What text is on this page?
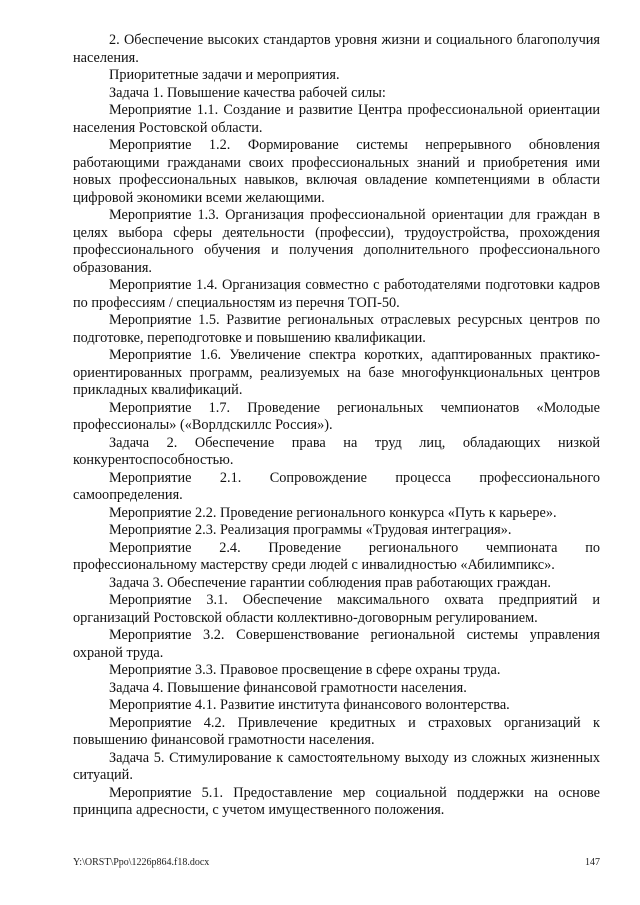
2. Обеспечение высоких стандартов уровня жизни и социального благополучия населения.

Приоритетные задачи и мероприятия.

Задача 1. Повышение качества рабочей силы:

Мероприятие 1.1. Создание и развитие Центра профессиональной ориентации населения Ростовской области.

Мероприятие 1.2. Формирование системы непрерывного обновления работающими гражданами своих профессиональных знаний и приобретения ими новых профессиональных навыков, включая овладение компетенциями в области цифровой экономики всеми желающими.

Мероприятие 1.3. Организация профессиональной ориентации для граждан в целях выбора сферы деятельности (профессии), трудоустройства, прохождения профессионального обучения и получения дополнительного профессионального образования.

Мероприятие 1.4. Организация совместно с работодателями подготовки кадров по профессиям / специальностям из перечня ТОП-50.

Мероприятие 1.5. Развитие региональных отраслевых ресурсных центров по подготовке, переподготовке и повышению квалификации.

Мероприятие 1.6. Увеличение спектра коротких, адаптированных практико-ориентированных программ, реализуемых на базе многофункциональных центров прикладных квалификаций.

Мероприятие 1.7. Проведение региональных чемпионатов «Молодые профессионалы» («Ворлдскиллс Россия»).

Задача 2. Обеспечение права на труд лиц, обладающих низкой конкурентоспособностью.

Мероприятие 2.1. Сопровождение процесса профессионального самоопределения.

Мероприятие 2.2. Проведение регионального конкурса «Путь к карьере».

Мероприятие 2.3. Реализация программы «Трудовая интеграция».

Мероприятие 2.4. Проведение регионального чемпионата по профессиональному мастерству среди людей с инвалидностью «Абилимпикс».

Задача 3. Обеспечение гарантии соблюдения прав работающих граждан.

Мероприятие 3.1. Обеспечение максимального охвата предприятий и организаций Ростовской области коллективно-договорным регулированием.

Мероприятие 3.2. Совершенствование региональной системы управления охраной труда.

Мероприятие 3.3. Правовое просвещение в сфере охраны труда.

Задача 4. Повышение финансовой грамотности населения.

Мероприятие 4.1. Развитие института финансового волонтерства.

Мероприятие 4.2. Привлечение кредитных и страховых организаций к повышению финансовой грамотности населения.

Задача 5. Стимулирование к самостоятельному выходу из сложных жизненных ситуаций.

Мероприятие 5.1. Предоставление мер социальной поддержки на основе принципа адресности, с учетом имущественного положения.

Y:\ORST\Ppo\1226p864.f18.docx	147
